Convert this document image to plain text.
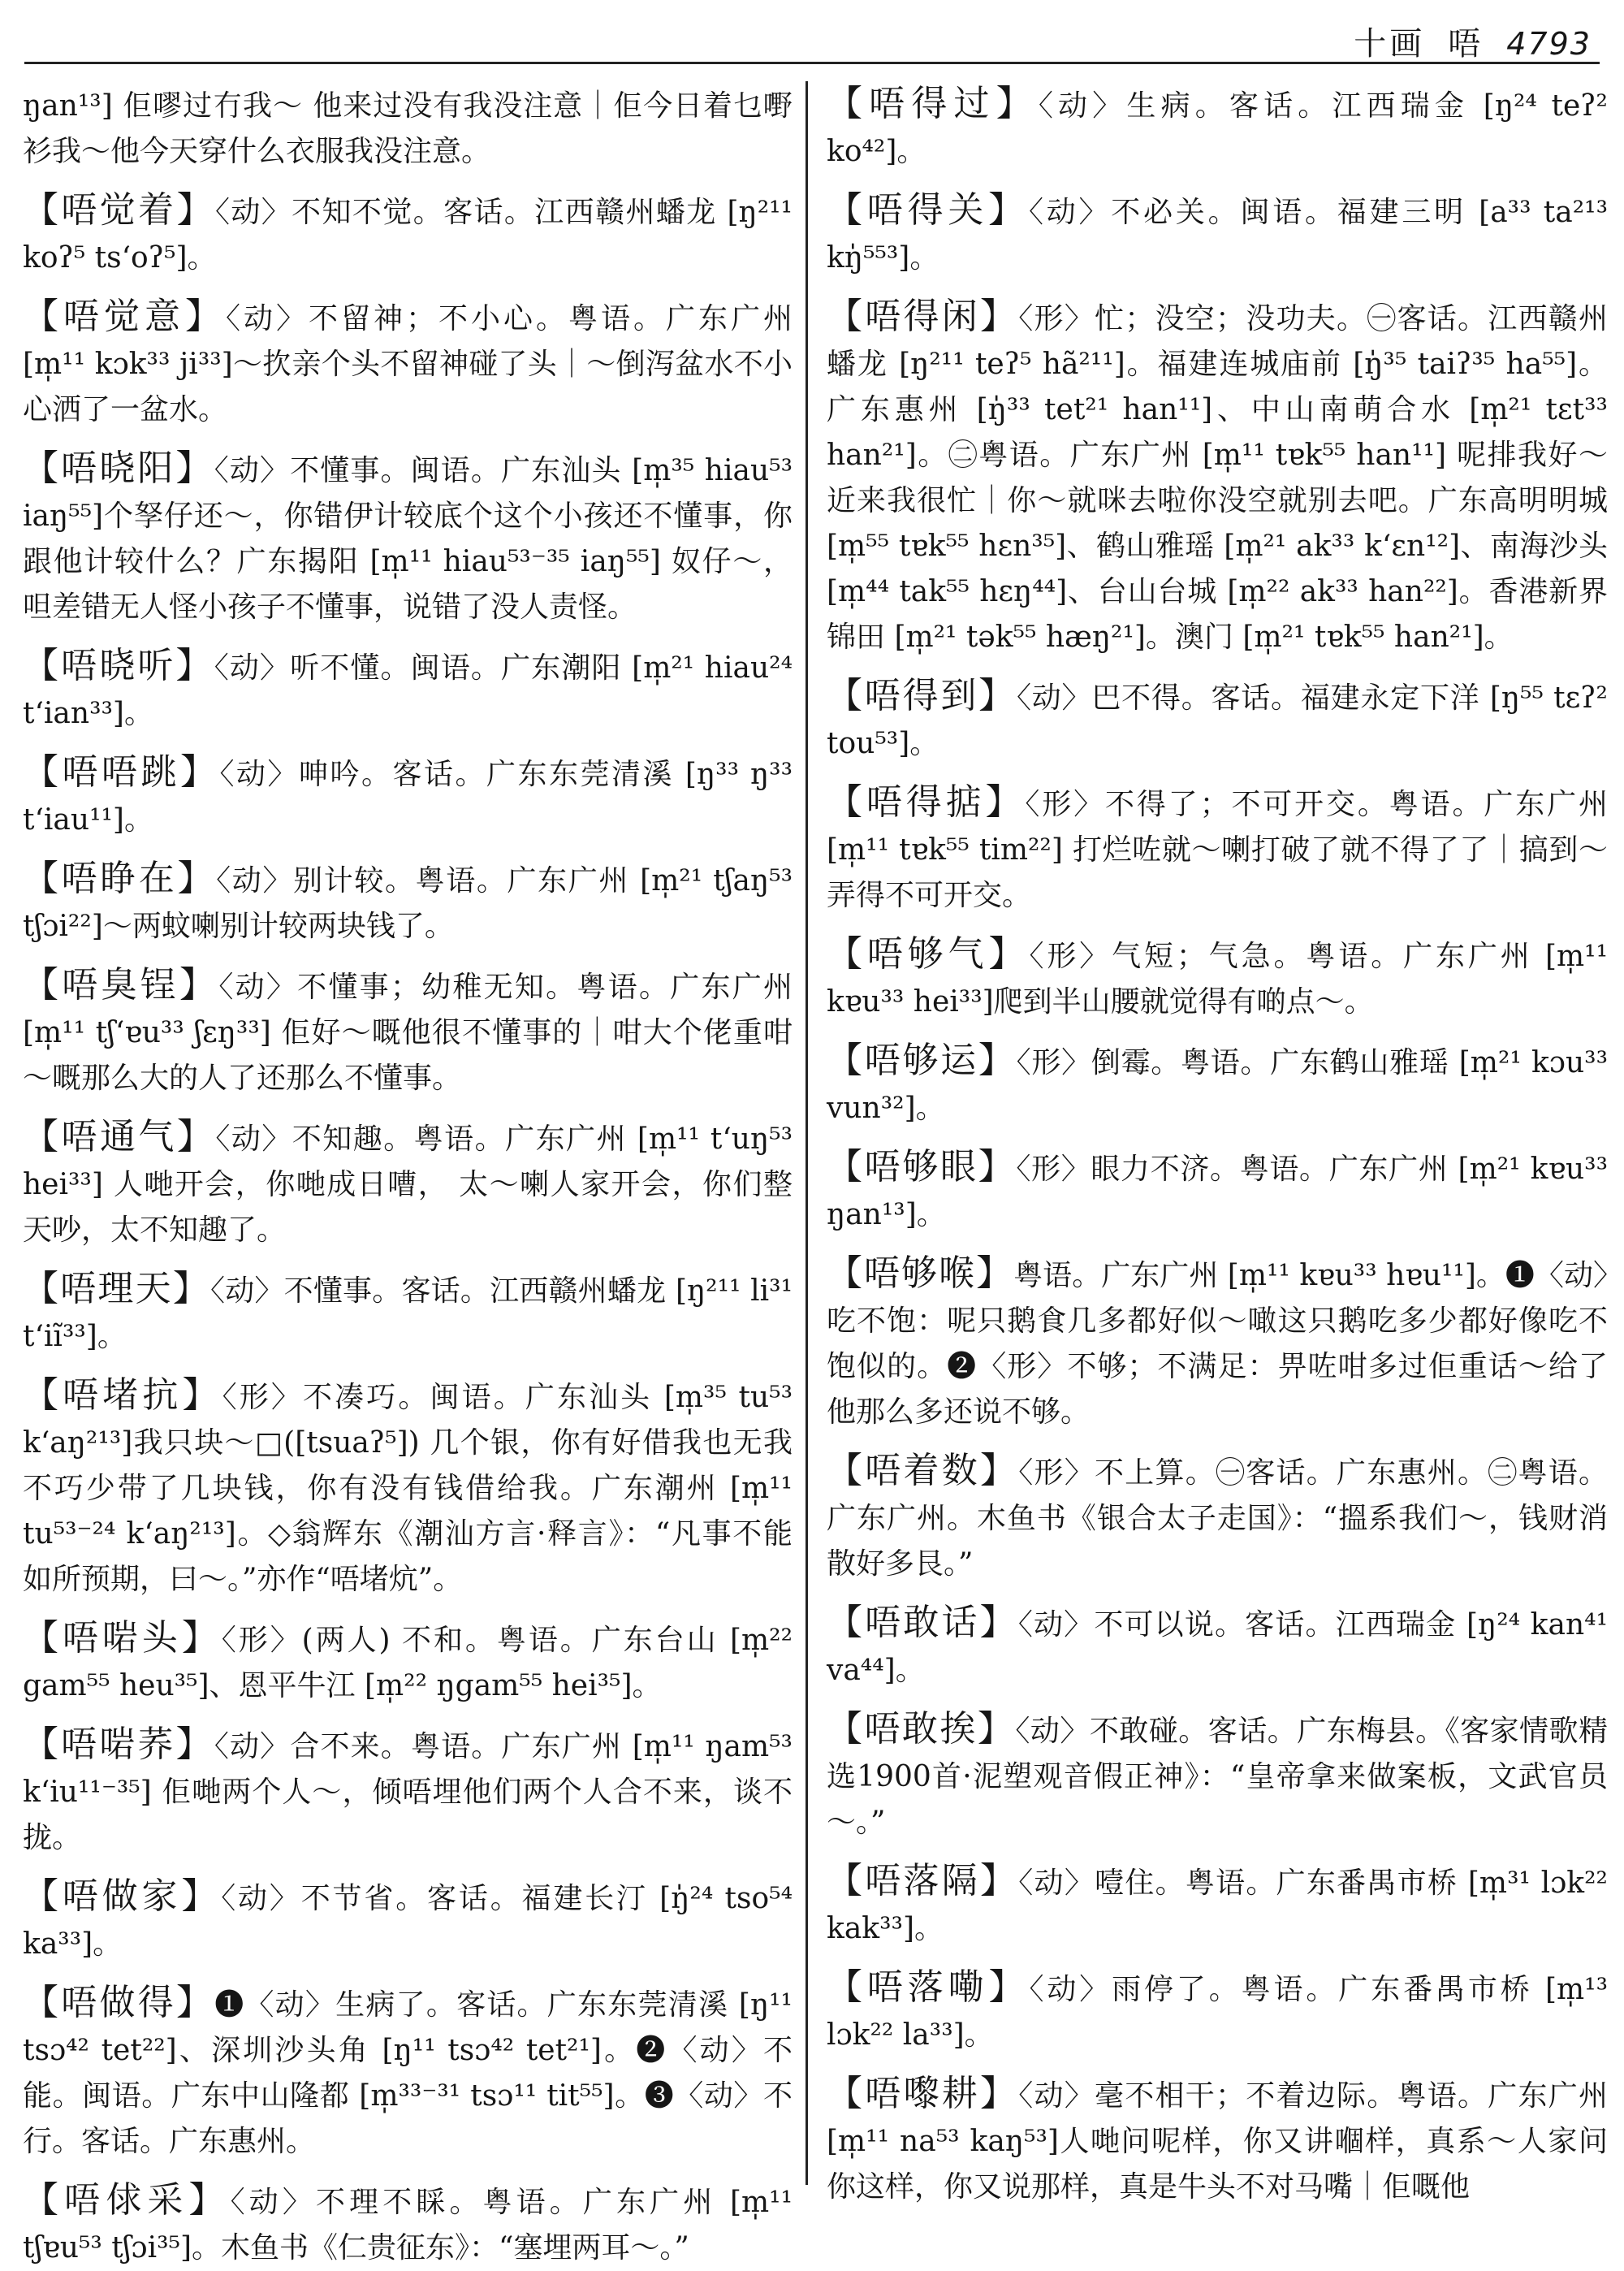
十画 唔 4793
ŋan¹³] 佢嘐过冇我～ 他来过没有我没注意｜佢今日着乜嘢衫我～他今天穿什么衣服我没注意。
【唔觉着】〈动〉不知不觉。客话。江西赣州蟠龙 [ŋ²¹¹ koʔ⁵ tsʻoʔ⁵]。
【唔觉意】〈动〉不留神；不小心。粤语。广东广州 [m̩¹¹ kɔk³³ ji³³]～扻亲个头不留神碰了头｜～倒泻盆水不小心洒了一盆水。
【唔晓阳】〈动〉不懂事。闽语。广东汕头 [m̩³⁵ hiau⁵³ iaŋ⁵⁵]个孥仔还～，你错伊计较底个这个小孩还不懂事，你跟他计较什么？广东揭阳 [m̩¹¹ hiau⁵³⁻³⁵ iaŋ⁵⁵] 奴仔～，呾差错无人怪小孩子不懂事，说错了没人责怪。
【唔晓听】〈动〉听不懂。闽语。广东潮阳 [m̩²¹ hiau²⁴ tʻian³³]。
【唔唔跳】〈动〉呻吟。客话。广东东莞清溪 [ŋ³³ ŋ³³ tʻiau¹¹]。
【唔睁在】〈动〉别计较。粤语。广东广州 [m̩²¹ tʃaŋ⁵³ tʃɔi²²]～两蚊喇别计较两块钱了。
【唔臭锃】〈动〉不懂事；幼稚无知。粤语。广东广州 [m̩¹¹ tʃʻɐu³³ ʃɛŋ³³] 佢好～嘅他很不懂事的｜咁大个佬重咁～嘅那么大的人了还那么不懂事。
【唔通气】〈动〉不知趣。粤语。广东广州 [m̩¹¹ tʻuŋ⁵³ hei³³] 人哋开会，你哋成日嘈， 太～喇人家开会，你们整天吵，太不知趣了。
【唔理天】〈动〉不懂事。客话。江西赣州蟠龙 [ŋ²¹¹ li³¹ tʻiĩ³³]。
【唔堵抗】〈形〉不凑巧。闽语。广东汕头 [m̩³⁵ tu⁵³ kʻaŋ²¹³]我只块～□([tsuaʔ⁵]) 几个银，你有好借我也无我不巧少带了几块钱，你有没有钱借给我。广东潮州 [m̩¹¹ tu⁵³⁻²⁴ kʻaŋ²¹³]。◇翁辉东《潮汕方言·释言》：“凡事不能如所预期，曰～。”亦作“唔堵炕”。
【唔啱头】〈形〉(两人) 不和。粤语。广东台山 [m̩²² gam⁵⁵ heu³⁵]、恩平牛江 [m̩²² ŋgam⁵⁵ hei³⁵]。
【唔啱荞】〈动〉合不来。粤语。广东广州 [m̩¹¹ ŋam⁵³ kʻiu¹¹⁻³⁵] 佢哋两个人～，倾唔埋他们两个人合不来，谈不拢。
【唔做家】〈动〉不节省。客话。福建长汀 [ŋ̍²⁴ tso⁵⁴ ka³³]。
【唔做得】❶〈动〉生病了。客话。广东东莞清溪 [ŋ¹¹ tsɔ⁴² tet²²]、深圳沙头角 [ŋ¹¹ tsɔ⁴² tet²¹]。❷〈动〉不能。闽语。广东中山隆都 [m̩³³⁻³¹ tsɔ¹¹ tit⁵⁵]。❸〈动〉不行。客话。广东惠州。
【唔俅采】〈动〉不理不睬。粤语。广东广州 [m̩¹¹ tʃɐu⁵³ tʃɔi³⁵]。木鱼书《仁贵征东》：“塞埋两耳～。”
【唔得过】〈动〉生病。客话。江西瑞金 [ŋ²⁴ teʔ² ko⁴²]。
【唔得关】〈动〉不必关。闽语。福建三明 [a³³ ta²¹³ kŋ̍⁵⁵³]。
【唔得闲】〈形〉忙；没空；没功夫。㊀客话。江西赣州蟠龙 [ŋ²¹¹ teʔ⁵ hã²¹¹]。福建连城庙前 [ŋ̍³⁵ taiʔ³⁵ ha⁵⁵]。广东惠州 [ŋ̍³³ tet²¹ han¹¹]、中山南萌合水 [m̩²¹ tɛt³³ han²¹]。㊁粤语。广东广州 [m̩¹¹ tɐk⁵⁵ han¹¹] 呢排我好～ 近来我很忙｜你～就咪去啦你没空就别去吧。广东高明明城 [m̩⁵⁵ tɐk⁵⁵ hɛn³⁵]、鹤山雅瑶 [m̩²¹ ak³³ kʻɛn¹²]、南海沙头 [m̩⁴⁴ tak⁵⁵ hɛŋ⁴⁴]、台山台城 [m̩²² ak³³ han²²]。香港新界锦田 [m̩²¹ tək⁵⁵ hæŋ²¹]。澳门 [m̩²¹ tɐk⁵⁵ han²¹]。
【唔得到】〈动〉巴不得。客话。福建永定下洋 [ŋ⁵⁵ tɛʔ² tou⁵³]。
【唔得掂】〈形〉不得了；不可开交。粤语。广东广州 [m̩¹¹ tɐk⁵⁵ tim²²] 打烂咗就～喇打破了就不得了了｜搞到～弄得不可开交。
【唔够气】〈形〉气短；气急。粤语。广东广州 [m̩¹¹ kɐu³³ hei³³]爬到半山腰就觉得有啲点～。
【唔够运】〈形〉倒霉。粤语。广东鹤山雅瑶 [m̩²¹ kɔu³³ vun³²]。
【唔够眼】〈形〉眼力不济。粤语。广东广州 [m̩²¹ kɐu³³ ŋan¹³]。
【唔够喉】粤语。广东广州 [m̩¹¹ kɐu³³ hɐu¹¹]。❶〈动〉吃不饱：呢只鹅食几多都好似～噉这只鹅吃多少都好像吃不饱似的。❷〈形〉不够；不满足：畀咗咁多过佢重话～给了他那么多还说不够。
【唔着数】〈形〉不上算。㊀客话。广东惠州。㊁粤语。广东广州。木鱼书《银合太子走国》：“搵系我们～，钱财消散好多艮。”
【唔敢话】〈动〉不可以说。客话。江西瑞金 [ŋ²⁴ kan⁴¹ va⁴⁴]。
【唔敢挨】〈动〉不敢碰。客话。广东梅县。《客家情歌精选1900首·泥塑观音假正神》：“皇帝拿来做案板，文武官员～。”
【唔落隔】〈动〉噎住。粤语。广东番禺市桥 [m̩³¹ lɔk²² kak³³]。
【唔落嘞】〈动〉雨停了。粤语。广东番禺市桥 [m̩¹³ lɔk²² la³³]。
【唔嚟耕】〈动〉毫不相干；不着边际。粤语。广东广州 [m̩¹¹ na⁵³ kaŋ⁵³]人哋问呢样，你又讲嗰样，真系～人家问你这样，你又说那样，真是牛头不对马嘴｜佢嘅他
